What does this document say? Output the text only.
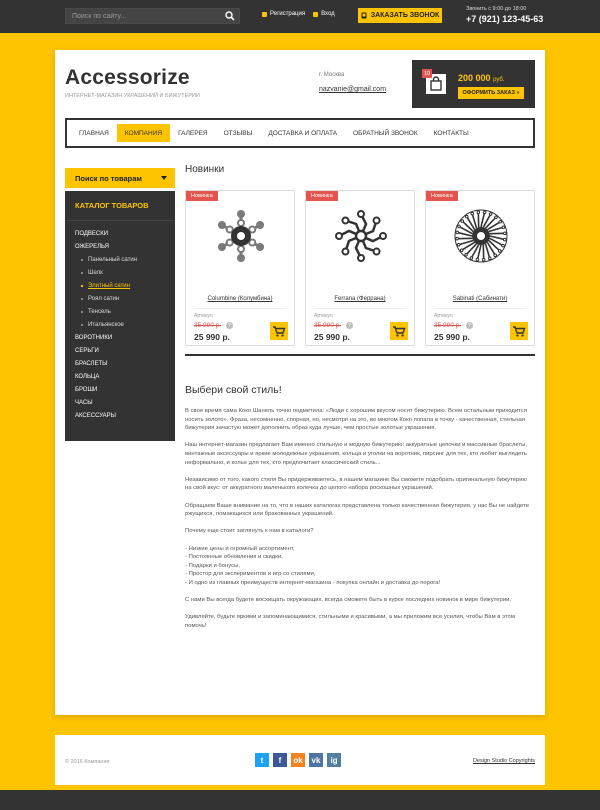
Поиск по сайту...
Регистрация	Вход	ЗАКАЗАТЬ ЗВОНОК
Звонить с 9:00 до 18:00
+7 (921) 123-45-63
Accessorize
ИНТЕРНЕТ-МАГАЗИН УКРАШЕНИЙ И БИЖУТЕРИИ
г. Москва
nazvanie@gmail.com
10	200 000 руб.
ОФОРМИТЬ ЗАКАЗ »
ГЛАВНАЯ	КОМПАНИЯ	ГАЛЕРЕЯ	ОТЗЫВЫ	ДОСТАВКА И ОПЛАТА	ОБРАТНЫЙ ЗВОНОК	КОНТАКТЫ
Поиск по товарам
КАТАЛОГ ТОВАРОВ
ПОДВЕСКИ
ОЖЕРЕЛЬЯ
Панельный сатин
Шелк
Элитный сатин
Роял сатин
Тенсель
Итальянское
ВОРОТНИКИ
СЕРЬГИ
БРАСЛЕТЫ
КОЛЬЦА
БРОШИ
ЧАСЫ
АКСЕССУАРЫ
Новинки
Новинка
Columbine (Колумбина)
Артикул
35 990 р.	?
25 990 р.
Новинка
Ferrana (Феррана)
Артикул
35 990 р.	?
25 990 р.
Новинка
Sabinati (Сабинати)
Артикул
35 990 р.	?
25 990 р.
Выбери свой стиль!

В свое время сама Коко Шанель точно подметила: «Люди с хорошим вкусом носят бижутерию. Всем остальным приходится носить золото». Фраза, несомненно, спорная, но, несмотря на это, во многом Коко попала в точку - качественная, стильная бижутерия зачастую может дополнить образ куда лучше, чем простые золотые украшения.

Наш интернет-магазин предлагает Вам именно стильную и модную бижутерию: аккуратные цепочки и массивные браслеты, винтажные аксессуары и яркие молодежные украшения, кольца и уголки на воротник, пирсинг для тех, кто любит выглядеть неформально, и колье для тех, кто предпочитает классический стиль...

Независимо от того, какого стиля Вы придерживаетесь, в нашем магазине Вы сможете подобрать оригинальную бижутерию на свой вкус: от аккуратного маленького колечка до целого набора роскошных украшений.

Обращаем Ваше внимание на то, что в наших каталогах представлена только качественная бижутерия, у нас Вы не найдете ржущихся, ломающихся или бракованных украшений.

Почему еще стоит заглянуть к нам в каталоги?

- Низкие цены и огромный ассортимент,
- Постоянные обновления и скидки,
- Подарки и бонусы,
- Простор для экспериментов и игр со стилями,
- И одно из главных преимуществ интернет-магазина - покупка онлайн и доставка до порога!

С нами Вы всегда будете восхищать окружающих, всегда сможете быть в курсе последних новинок в мире бижутерии.

Удивляйте, будьте яркими и запоминающимися, стильными и красивыми, а мы приложим все усилия, чтобы Вам в этом помочь!

© 2016 Компания	t	f	ok	vk	ig	Design Studio Copyrights
